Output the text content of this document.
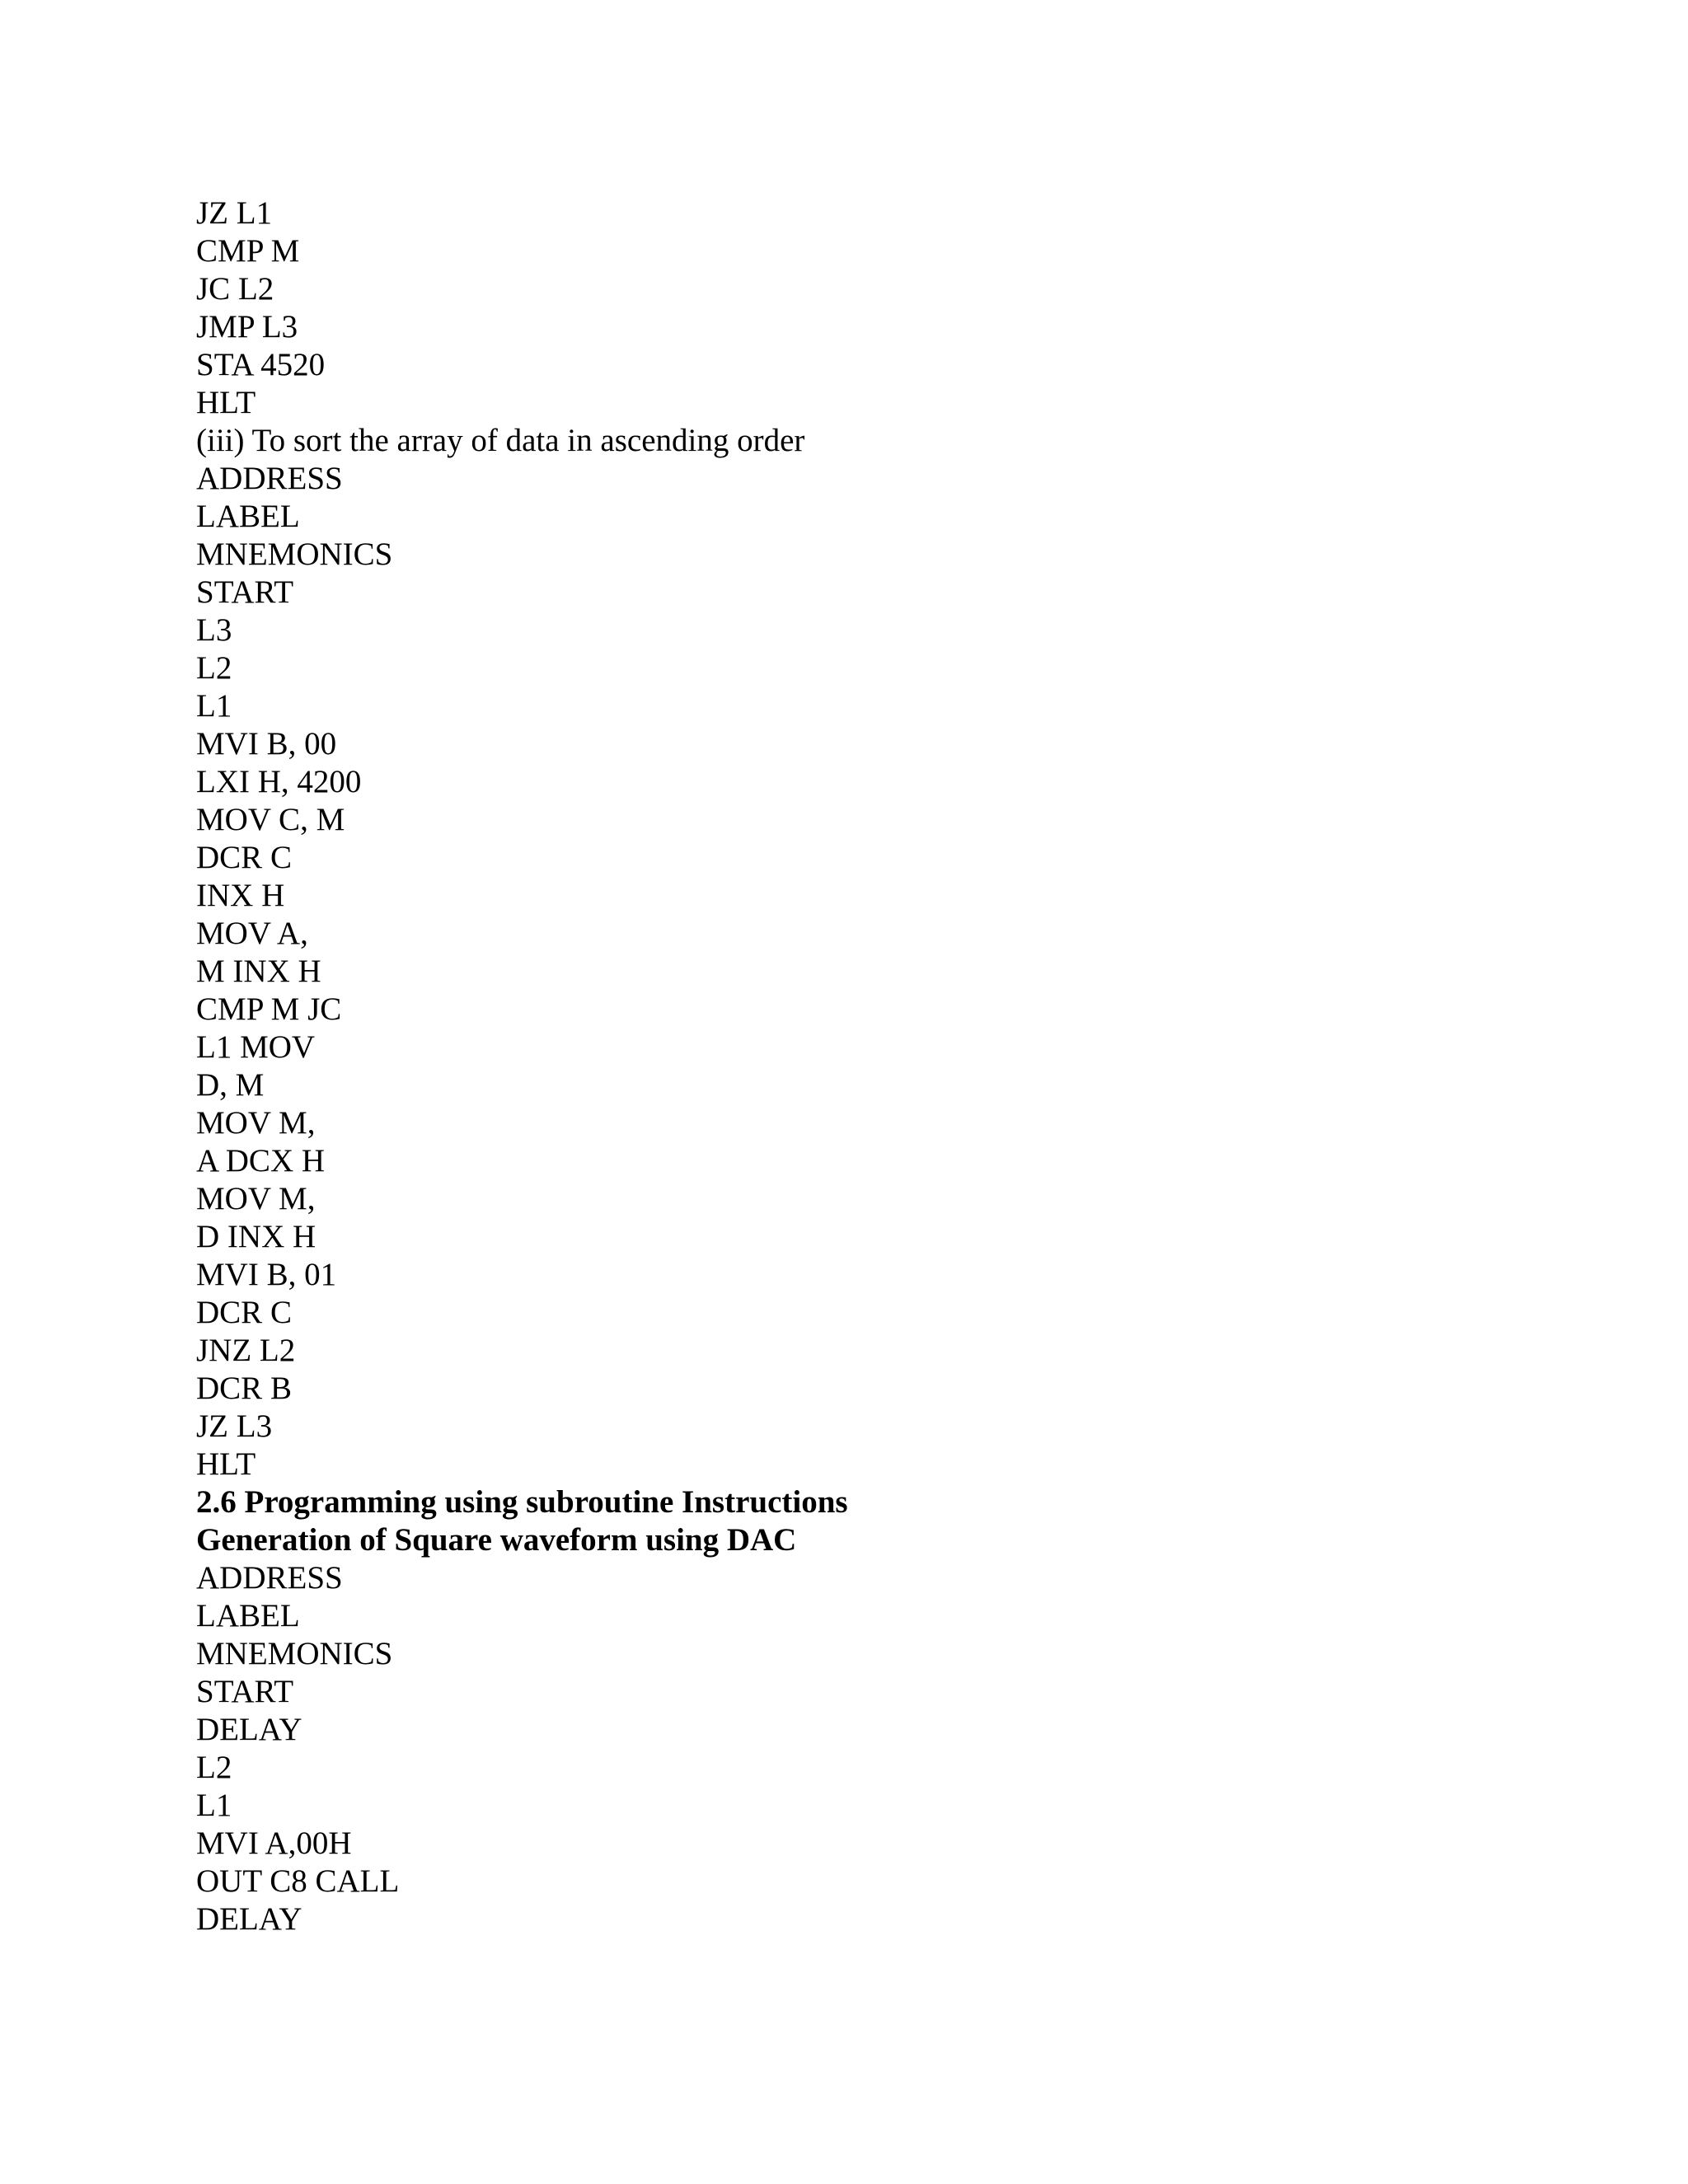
JZ L1
CMP M
JC L2
JMP L3
STA 4520
HLT
(iii) To sort the array of data in ascending order
ADDRESS
LABEL
MNEMONICS
START
L3
L2
L1
MVI B, 00
LXI H, 4200
MOV C, M
DCR C
INX H
MOV A,
M INX H
CMP M JC
L1 MOV
D, M
MOV M,
A DCX H
MOV M,
D INX H
MVI B, 01
DCR C
JNZ L2
DCR B
JZ L3
HLT
2.6 Programming using subroutine Instructions
Generation of Square waveform using DAC
ADDRESS
LABEL
MNEMONICS
START
DELAY
L2
L1
MVI A,00H
OUT C8 CALL
DELAY
